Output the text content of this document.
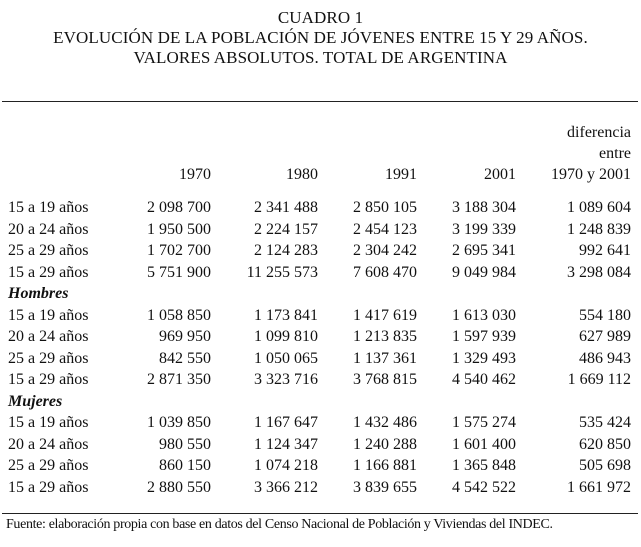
CUADRO 1
EVOLUCIÓN DE LA POBLACIÓN DE JÓVENES ENTRE 15 Y 29 AÑOS.
VALORES ABSOLUTOS. TOTAL DE ARGENTINA
	1970	1980	1991	2001	diferencia
entre
1970 y 2001

15 a 19 años	2 098 700	2 341 488	2 850 105	3 188 304	1 089 604
20 a 24 años	1 950 500	2 224 157	2 454 123	3 199 339	1 248 839
25 a 29 años	1 702 700	2 124 283	2 304 242	2 695 341	992 641
15 a 29 años	5 751 900	11 255 573	7 608 470	9 049 984	3 298 084
Hombres					
15 a 19 años	1 058 850	1 173 841	1 417 619	1 613 030	554 180
20 a 24 años	969 950	1 099 810	1 213 835	1 597 939	627 989
25 a 29 años	842 550	1 050 065	1 137 361	1 329 493	486 943
15 a 29 años	2 871 350	3 323 716	3 768 815	4 540 462	1 669 112
Mujeres					
15 a 19 años	1 039 850	1 167 647	1 432 486	1 575 274	535 424
20 a 24 años	980 550	1 124 347	1 240 288	1 601 400	620 850
25 a 29 años	860 150	1 074 218	1 166 881	1 365 848	505 698
15 a 29 años	2 880 550	3 366 212	3 839 655	4 542 522	1 661 972
Fuente: elaboración propia con base en datos del Censo Nacional de Población y Viviendas del INDEC.
